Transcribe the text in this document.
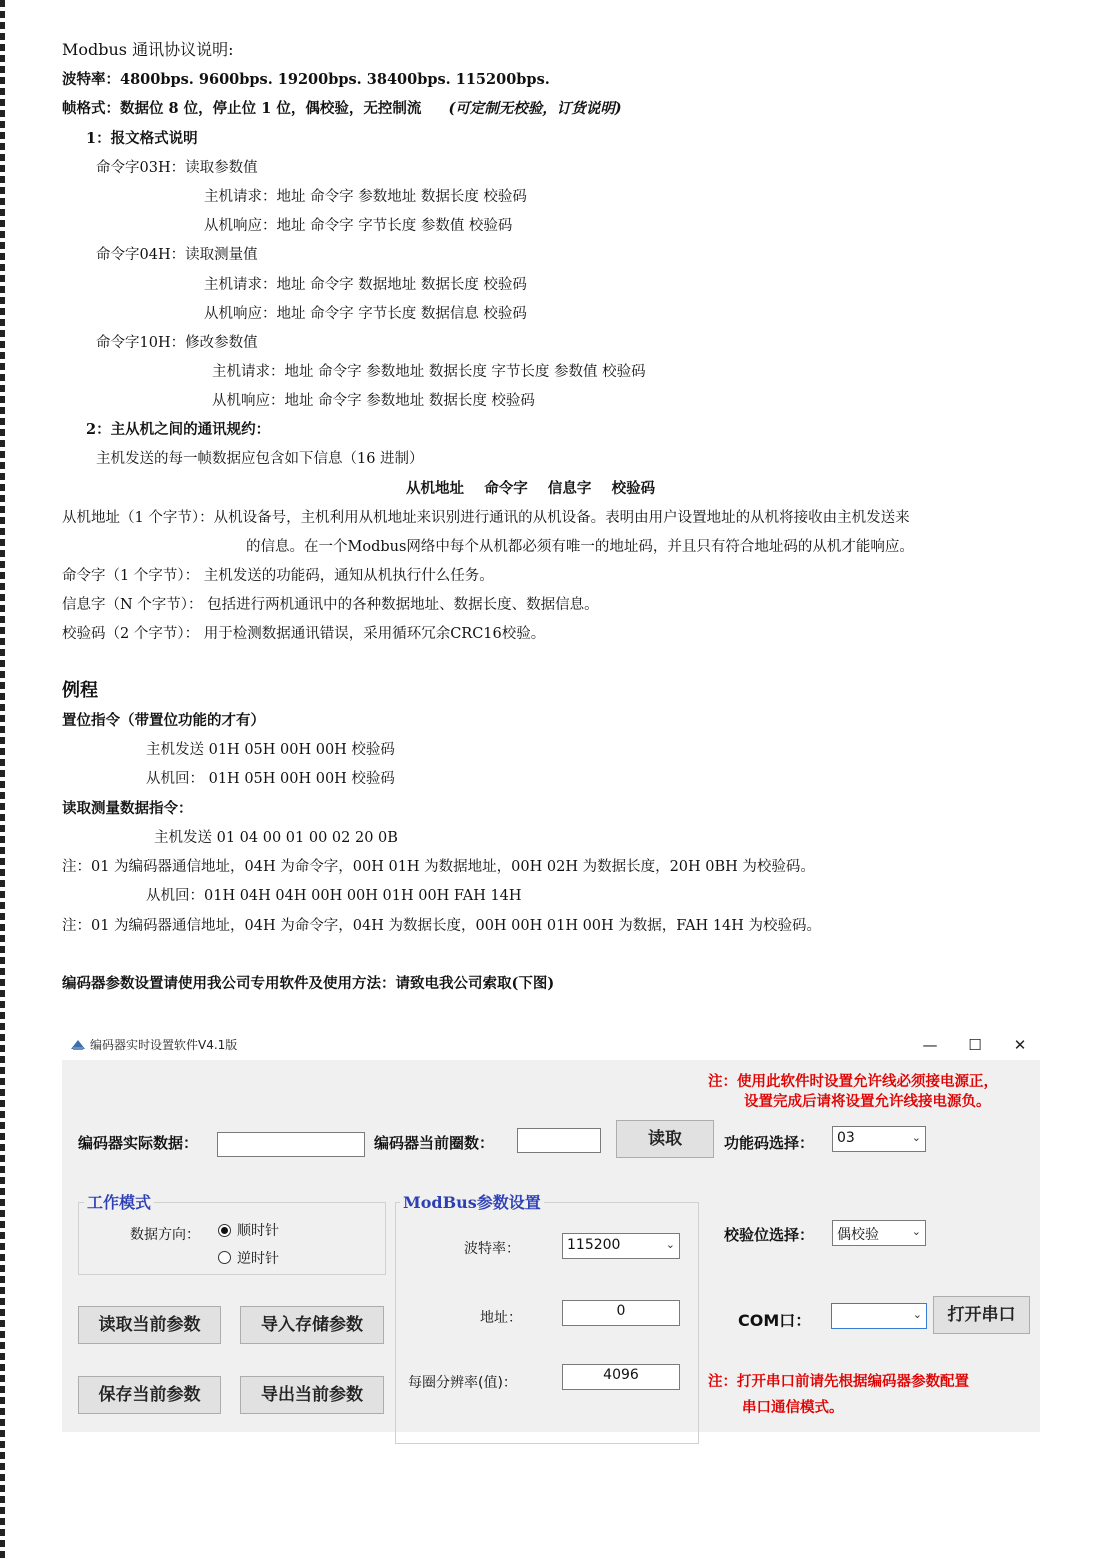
Modbus 通讯协议说明:
波特率：4800bps. 9600bps. 19200bps. 38400bps. 115200bps.
帧格式：数据位 8 位，停止位 1 位，偶校验，无控制流 (可定制无校验，订货说明)
1：报文格式说明
命令字03H：读取参数值
主机请求：地址 命令字 参数地址 数据长度 校验码
从机响应：地址 命令字 字节长度 参数值 校验码
命令字04H：读取测量值
主机请求：地址 命令字 数据地址 数据长度 校验码
从机响应：地址 命令字 字节长度 数据信息 校验码
命令字10H：修改参数值
主机请求：地址 命令字 参数地址 数据长度 字节长度 参数值 校验码
从机响应：地址 命令字 参数地址 数据长度 校验码
2：主从机之间的通讯规约：
主机发送的每一帧数据应包含如下信息（16 进制）
从机地址    命令字    信息字    校验码
从机地址（1 个字节）：从机设备号，主机利用从机地址来识别进行通讯的从机设备。表明由用户设置地址的从机将接收由主机发送来
的信息。在一个Modbus网络中每个从机都必须有唯一的地址码，并且只有符合地址码的从机才能响应。
命令字（1 个字节）： 主机发送的功能码，通知从机执行什么任务。
信息字（N 个字节）： 包括进行两机通讯中的各种数据地址、数据长度、数据信息。
校验码（2 个字节）： 用于检测数据通讯错误，采用循环冗余CRC16校验。
例程
置位指令（带置位功能的才有）
主机发送 01H 05H 00H 00H 校验码
从机回： 01H 05H 00H 00H 校验码
读取测量数据指令：
主机发送 01 04 00 01 00 02 20 0B
注：01 为编码器通信地址，04H 为命令字，00H 01H 为数据地址，00H 02H 为数据长度，20H 0BH 为校验码。
从机回：01H 04H 04H 00H 00H 01H 00H FAH 14H
注：01 为编码器通信地址，04H 为命令字，04H 为数据长度，00H 00H 01H 00H 为数据，FAH 14H 为校验码。
编码器参数设置请使用我公司专用软件及使用方法：请致电我公司索取(下图)
编码器实时设置软件V4.1版	—	☐	✕
注：使用此软件时设置允许线必须接电源正，
设置完成后请将设置允许线接电源负。
编码器实际数据：	编码器当前圈数：	读取	功能码选择： 03	⌄
工作模式
数据方向：	顺时针
逆时针
ModBus参数设置
波特率：	115200	⌄
校验位选择： 偶校验	⌄
地址：	0	COM口：	⌄	打开串口
读取当前参数	导入存储参数
保存当前参数	导出当前参数
每圈分辨率(值)：	4096	注：打开串口前请先根据编码器参数配置
串口通信模式。
